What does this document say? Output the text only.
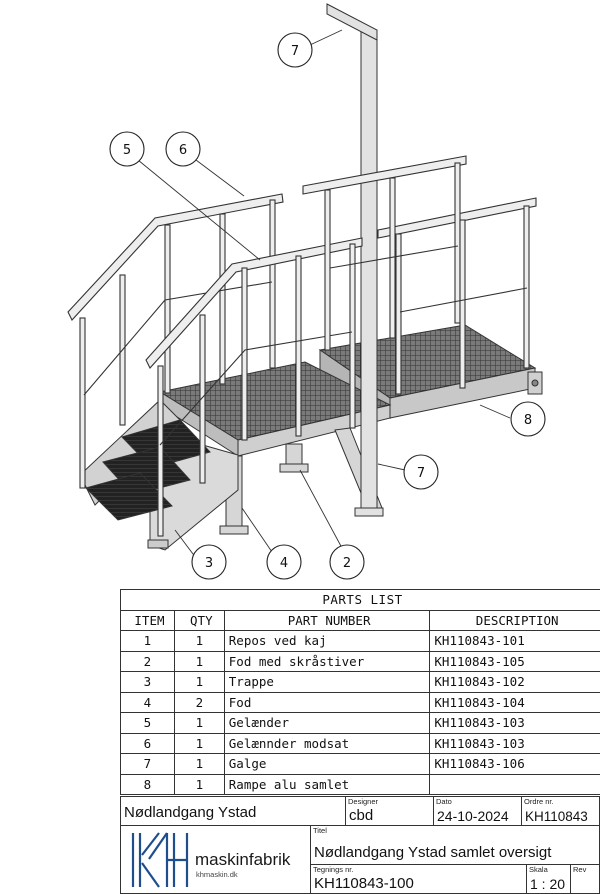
7
5	6
8
7
3	4	2
PARTS LIST			
ITEM	QTY	PART NUMBER	DESCRIPTION
1	1	Repos ved kaj	KH110843-101
2	1	Fod med skråstiver	KH110843-105
3	1	Trappe	KH110843-102
4	2	Fod	KH110843-104
5	1	Gelænder	KH110843-103
6	1	Gelænnder modsat	KH110843-103
7	1	Galge	KH110843-106
8	1	Rampe alu samlet	
Nødlandgang Ystad
Designer
cbd
Dato
24-10-2024
Ordre nr.
KH110843
maskinfabrik
khmaskin.dk
Titel
Nødlandgang Ystad samlet oversigt
Tegnings nr.
KH110843-100
Skala
1 : 20
Rev
